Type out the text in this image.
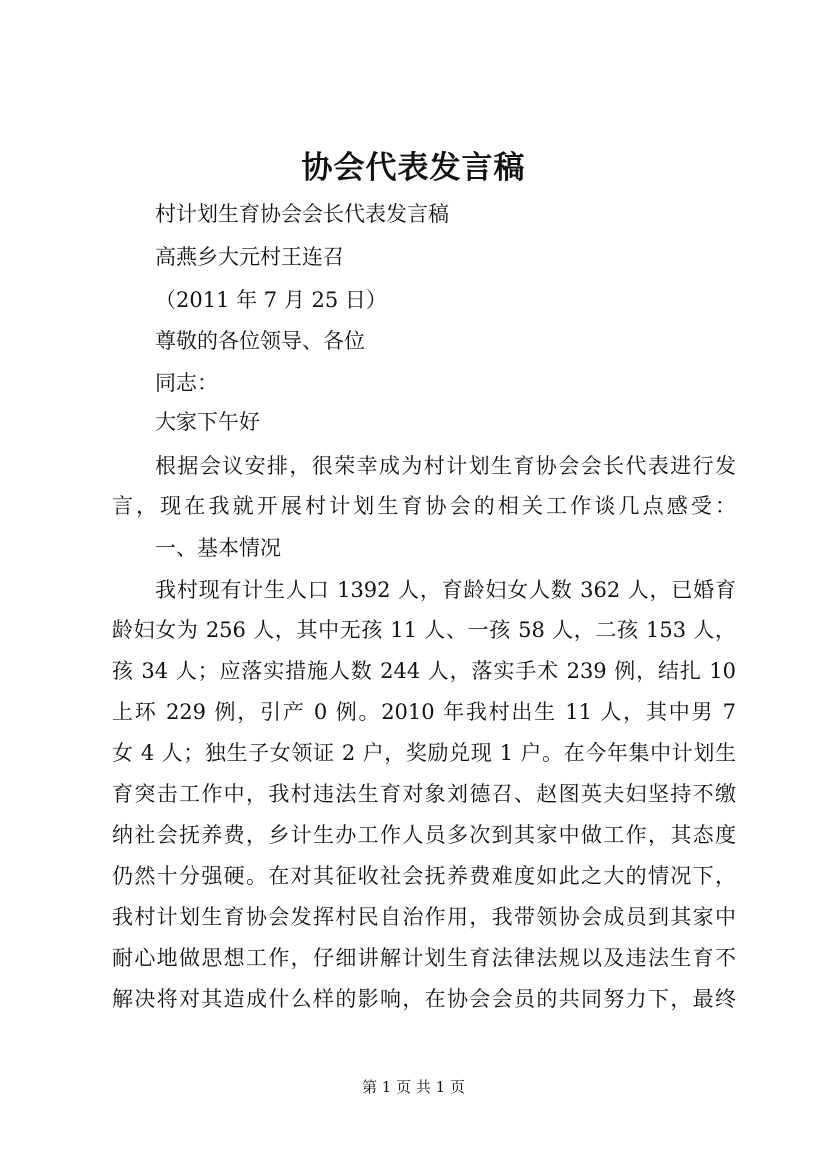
协会代表发言稿
村计划生育协会会长代表发言稿
高燕乡大元村王连召
（2011 年 7 月 25 日）
尊敬的各位领导、各位
同志：
大家下午好
根据会议安排，很荣幸成为村计划生育协会会长代表进行发
言，现在我就开展村计划生育协会的相关工作谈几点感受：
一、基本情况
我村现有计生人口 1392 人，育龄妇女人数 362 人，已婚育
龄妇女为 256 人，其中无孩 11 人、一孩 58 人，二孩 153 人，
孩 34 人；应落实措施人数 244 人，落实手术 239 例，结扎 10
上环 229 例，引产 0 例。2010 年我村出生 11 人，其中男 7
女 4 人；独生子女领证 2 户，奖励兑现 1 户。在今年集中计划生
育突击工作中，我村违法生育对象刘德召、赵图英夫妇坚持不缴
纳社会抚养费，乡计生办工作人员多次到其家中做工作，其态度
仍然十分强硬。在对其征收社会抚养费难度如此之大的情况下，
我村计划生育协会发挥村民自治作用，我带领协会成员到其家中
耐心地做思想工作，仔细讲解计划生育法律法规以及违法生育不
解决将对其造成什么样的影响，在协会会员的共同努力下，最终
第 1 页 共 1 页
